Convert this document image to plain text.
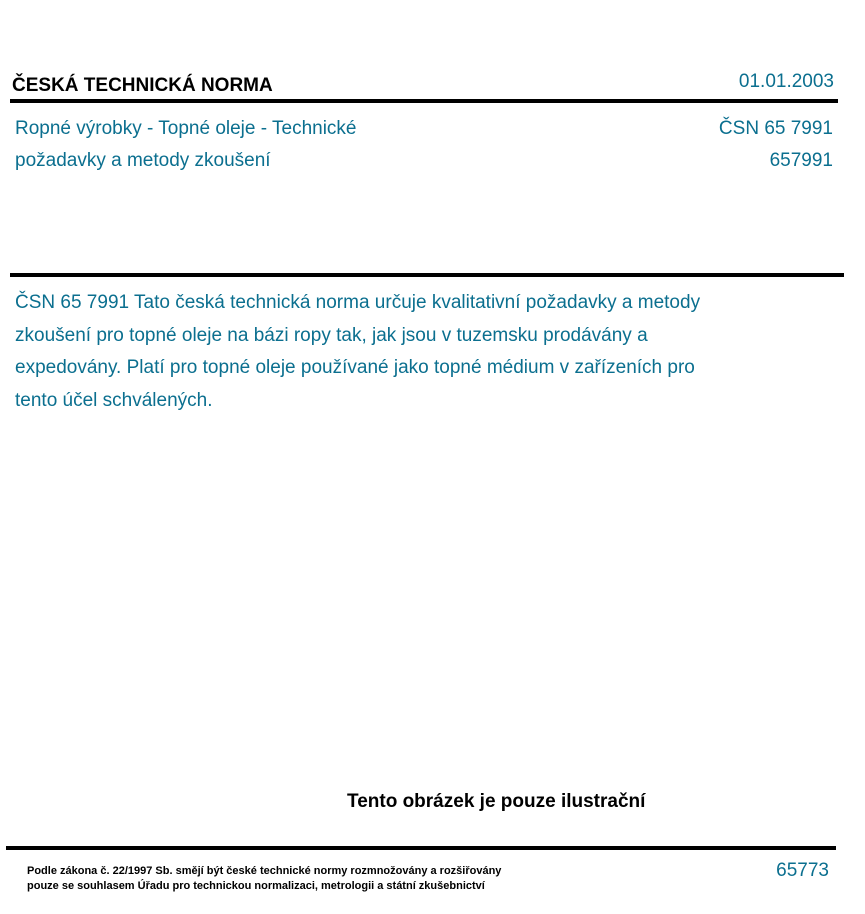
ČESKÁ TECHNICKÁ NORMA	01.01.2003
Ropné výrobky - Topné oleje - Technické
požadavky a metody zkoušení
ČSN 65 7991
657991
ČSN 65 7991 Tato česká technická norma určuje kvalitativní požadavky a metody zkoušení pro topné oleje na bázi ropy tak, jak jsou v tuzemsku prodávány a expedovány. Platí pro topné oleje používané jako topné médium v zařízeních pro tento účel schválených.
Tento obrázek je pouze ilustrační
Podle zákona č. 22/1997 Sb. smějí být české technické normy rozmnožovány a rozšiřovány
pouze se souhlasem Úřadu pro technickou normalizaci, metrologii a státní zkušebnictví
65773
